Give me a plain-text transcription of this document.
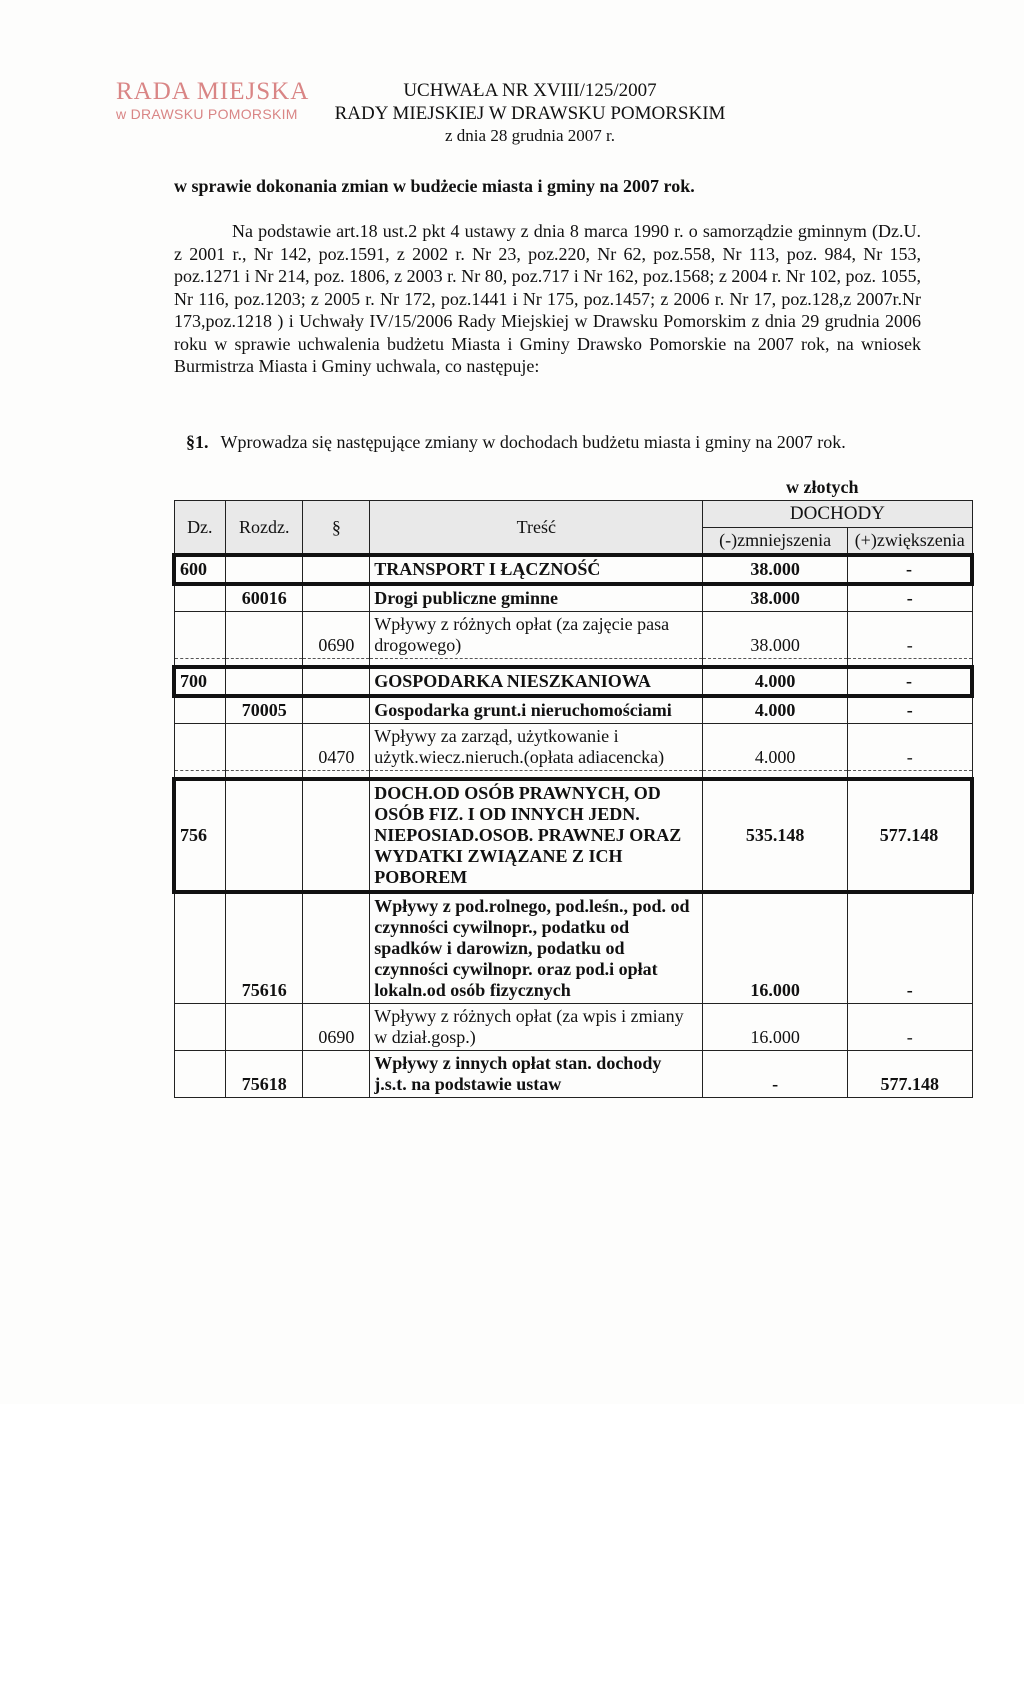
RADA MIEJSKA
w DRAWSKU POMORSKIM
UCHWAŁA NR XVIII/125/2007
RADY MIEJSKIEJ W DRAWSKU POMORSKIM
z dnia 28 grudnia 2007 r.
w sprawie dokonania zmian w budżecie miasta i gminy na 2007 rok.
Na podstawie art.18 ust.2 pkt 4 ustawy z dnia 8 marca 1990 r. o samorządzie gminnym (Dz.U. z 2001 r., Nr 142, poz.1591, z 2002 r. Nr 23, poz.220, Nr 62, poz.558, Nr 113, poz. 984, Nr 153, poz.1271 i Nr 214, poz. 1806, z 2003 r. Nr 80, poz.717 i Nr 162, poz.1568; z 2004 r. Nr 102, poz. 1055, Nr 116, poz.1203; z 2005 r. Nr 172, poz.1441 i Nr 175, poz.1457; z 2006 r. Nr 17, poz.128,z 2007r.Nr 173,poz.1218 ) i Uchwały IV/15/2006 Rady Miejskiej w Drawsku Pomorskim z dnia 29 grudnia 2006 roku w sprawie uchwalenia budżetu Miasta i Gminy Drawsko Pomorskie na 2007 rok, na wniosek Burmistrza Miasta i Gminy uchwala, co następuje:
§1. Wprowadza się następujące zmiany w dochodach budżetu miasta i gminy na 2007 rok.
w złotych
Dz.	Rozdz.	§	Treść	DOCHODY	
				(-)zmniejszenia	(+)zwiększenia
600			TRANSPORT I ŁĄCZNOŚĆ	38.000	-
	60016		Drogi publiczne gminne	38.000	-
		0690	Wpływy z różnych opłat (za zajęcie pasa drogowego)	38.000	-

700			GOSPODARKA NIESZKANIOWA	4.000	-
	70005		Gospodarka grunt.i nieruchomościami	4.000	-
		0470	Wpływy za zarząd, użytkowanie i użytk.wiecz.nieruch.(opłata adiacencka)	4.000	-

756			DOCH.OD OSÓB PRAWNYCH, OD OSÓB FIZ. I OD INNYCH JEDN. NIEPOSIAD.OSOB. PRAWNEJ ORAZ WYDATKI ZWIĄZANE Z ICH POBOREM	535.148	577.148
	75616		Wpływy z pod.rolnego, pod.leśn., pod. od czynności cywilnopr., podatku od spadków i darowizn, podatku od czynności cywilnopr. oraz pod.i opłat lokaln.od osób fizycznych	16.000	-
		0690	Wpływy z różnych opłat (za wpis i zmiany w dział.gosp.)	16.000	-
	75618		Wpływy z innych opłat stan. dochody j.s.t. na podstawie ustaw	-	577.148
